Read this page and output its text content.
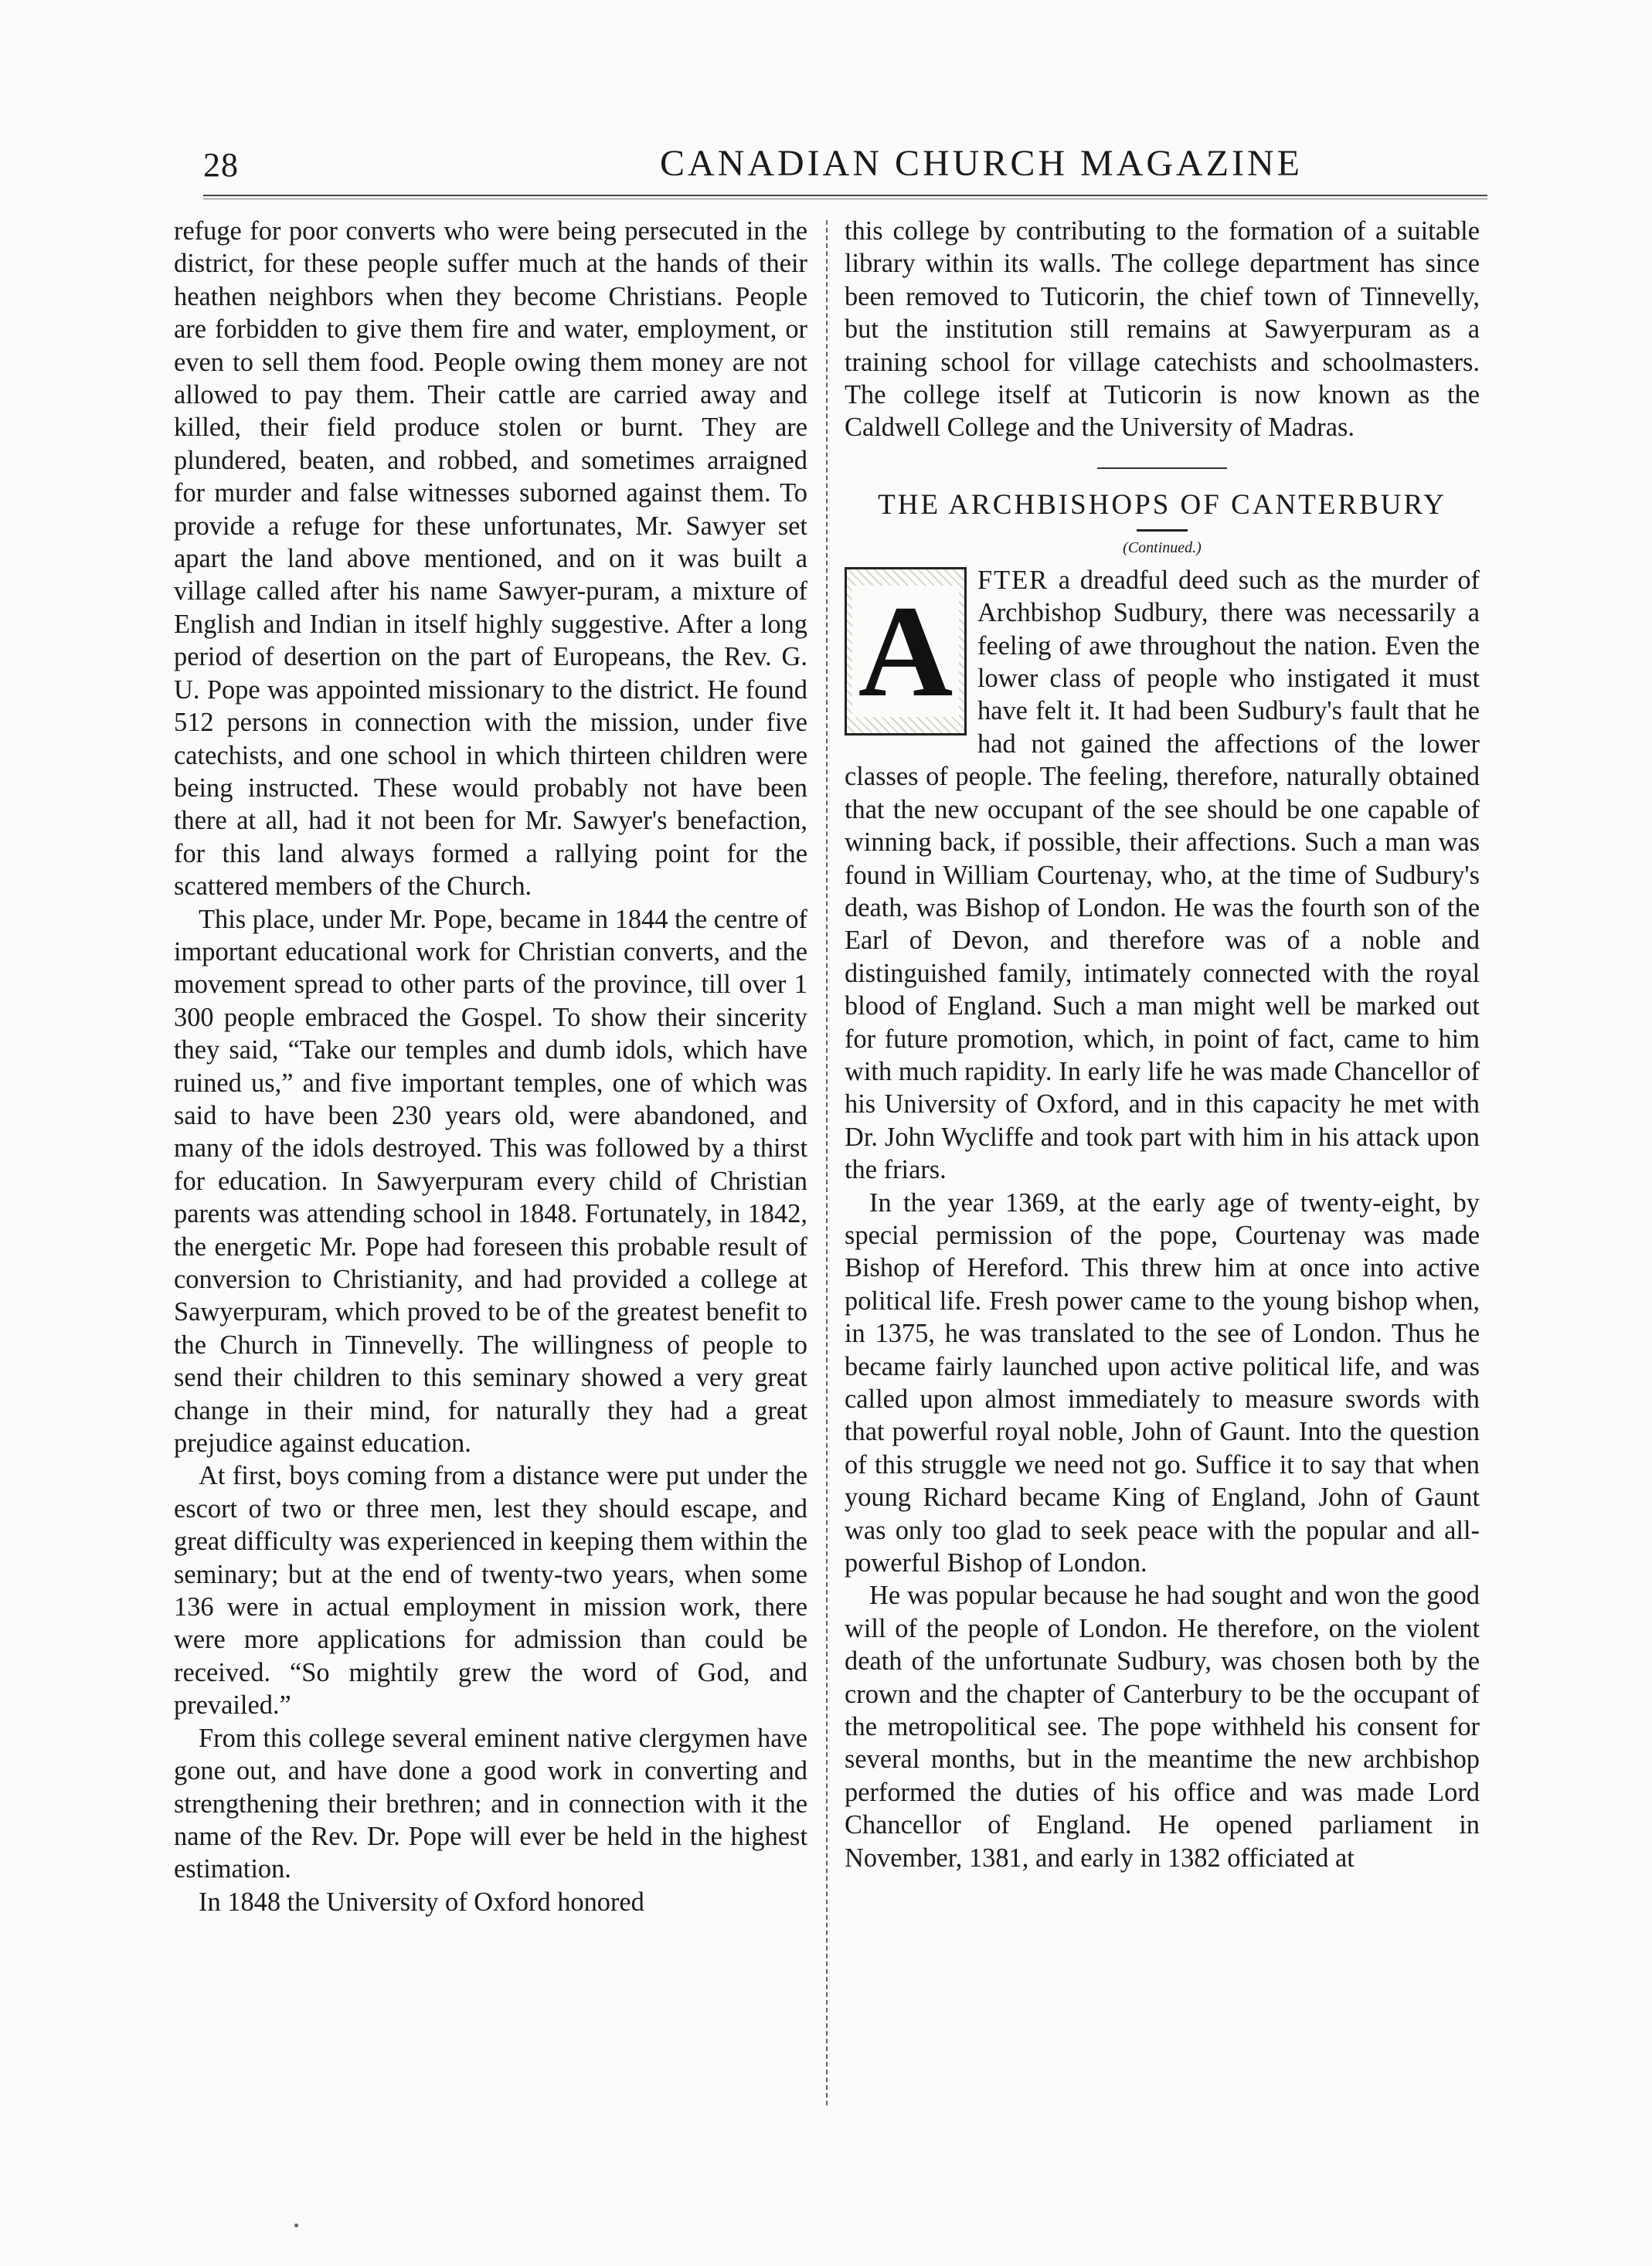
28	CANADIAN CHURCH MAGAZINE

refuge for poor converts who were being persecuted in the district, for these people suffer much at the hands of their heathen neighbors when they become Christians. People are forbidden to give them fire and water, employment, or even to sell them food. People owing them money are not allowed to pay them. Their cattle are carried away and killed, their field produce stolen or burnt. They are plundered, beaten, and robbed, and sometimes arraigned for murder and false witnesses suborned against them. To provide a refuge for these unfortunates, Mr. Sawyer set apart the land above mentioned, and on it was built a village called after his name Sawyer-puram, a mixture of English and Indian in itself highly suggestive. After a long period of desertion on the part of Europeans, the Rev. G. U. Pope was appointed missionary to the district. He found 512 persons in connection with the mission, under five catechists, and one school in which thirteen children were being instructed. These would probably not have been there at all, had it not been for Mr. Sawyer's benefaction, for this land always formed a rallying point for the scattered members of the Church.

This place, under Mr. Pope, became in 1844 the centre of important educational work for Christian converts, and the movement spread to other parts of the province, till over 1 300 people embraced the Gospel. To show their sincerity they said, “Take our temples and dumb idols, which have ruined us,” and five important temples, one of which was said to have been 230 years old, were abandoned, and many of the idols destroyed. This was followed by a thirst for education. In Sawyerpuram every child of Christian parents was attending school in 1848. Fortunately, in 1842, the energetic Mr. Pope had foreseen this probable result of conversion to Christianity, and had provided a college at Sawyerpuram, which proved to be of the greatest benefit to the Church in Tinnevelly. The willingness of people to send their children to this seminary showed a very great change in their mind, for naturally they had a great prejudice against education.

At first, boys coming from a distance were put under the escort of two or three men, lest they should escape, and great difficulty was experienced in keeping them within the seminary; but at the end of twenty-two years, when some 136 were in actual employment in mission work, there were more applications for admission than could be received. “So mightily grew the word of God, and prevailed.”

From this college several eminent native clergymen have gone out, and have done a good work in converting and strengthening their brethren; and in connection with it the name of the Rev. Dr. Pope will ever be held in the highest estimation.

In 1848 the University of Oxford honored

this college by contributing to the formation of a suitable library within its walls. The college department has since been removed to Tuticorin, the chief town of Tinnevelly, but the institution still remains at Sawyerpuram as a training school for village catechists and schoolmasters. The college itself at Tuticorin is now known as the Caldwell College and the University of Madras.

THE ARCHBISHOPS OF CANTERBURY
(Continued.)

A FTER a dreadful deed such as the murder of Archbishop Sudbury, there was necessarily a feeling of awe throughout the nation. Even the lower class of people who instigated it must have felt it. It had been Sudbury's fault that he had not gained the affections of the lower classes of people. The feeling, therefore, naturally obtained that the new occupant of the see should be one capable of winning back, if possible, their affections. Such a man was found in William Courtenay, who, at the time of Sudbury's death, was Bishop of London. He was the fourth son of the Earl of Devon, and therefore was of a noble and distinguished family, intimately connected with the royal blood of England. Such a man might well be marked out for future promotion, which, in point of fact, came to him with much rapidity. In early life he was made Chancellor of his University of Oxford, and in this capacity he met with Dr. John Wycliffe and took part with him in his attack upon the friars.

In the year 1369, at the early age of twenty-eight, by special permission of the pope, Courtenay was made Bishop of Hereford. This threw him at once into active political life. Fresh power came to the young bishop when, in 1375, he was translated to the see of London. Thus he became fairly launched upon active political life, and was called upon almost immediately to measure swords with that powerful royal noble, John of Gaunt. Into the question of this struggle we need not go. Suffice it to say that when young Richard became King of England, John of Gaunt was only too glad to seek peace with the popular and all-powerful Bishop of London.

He was popular because he had sought and won the good will of the people of London. He therefore, on the violent death of the unfortunate Sudbury, was chosen both by the crown and the chapter of Canterbury to be the occupant of the metropolitical see. The pope withheld his consent for several months, but in the meantime the new archbishop performed the duties of his office and was made Lord Chancellor of England. He opened parliament in November, 1381, and early in 1382 officiated at
